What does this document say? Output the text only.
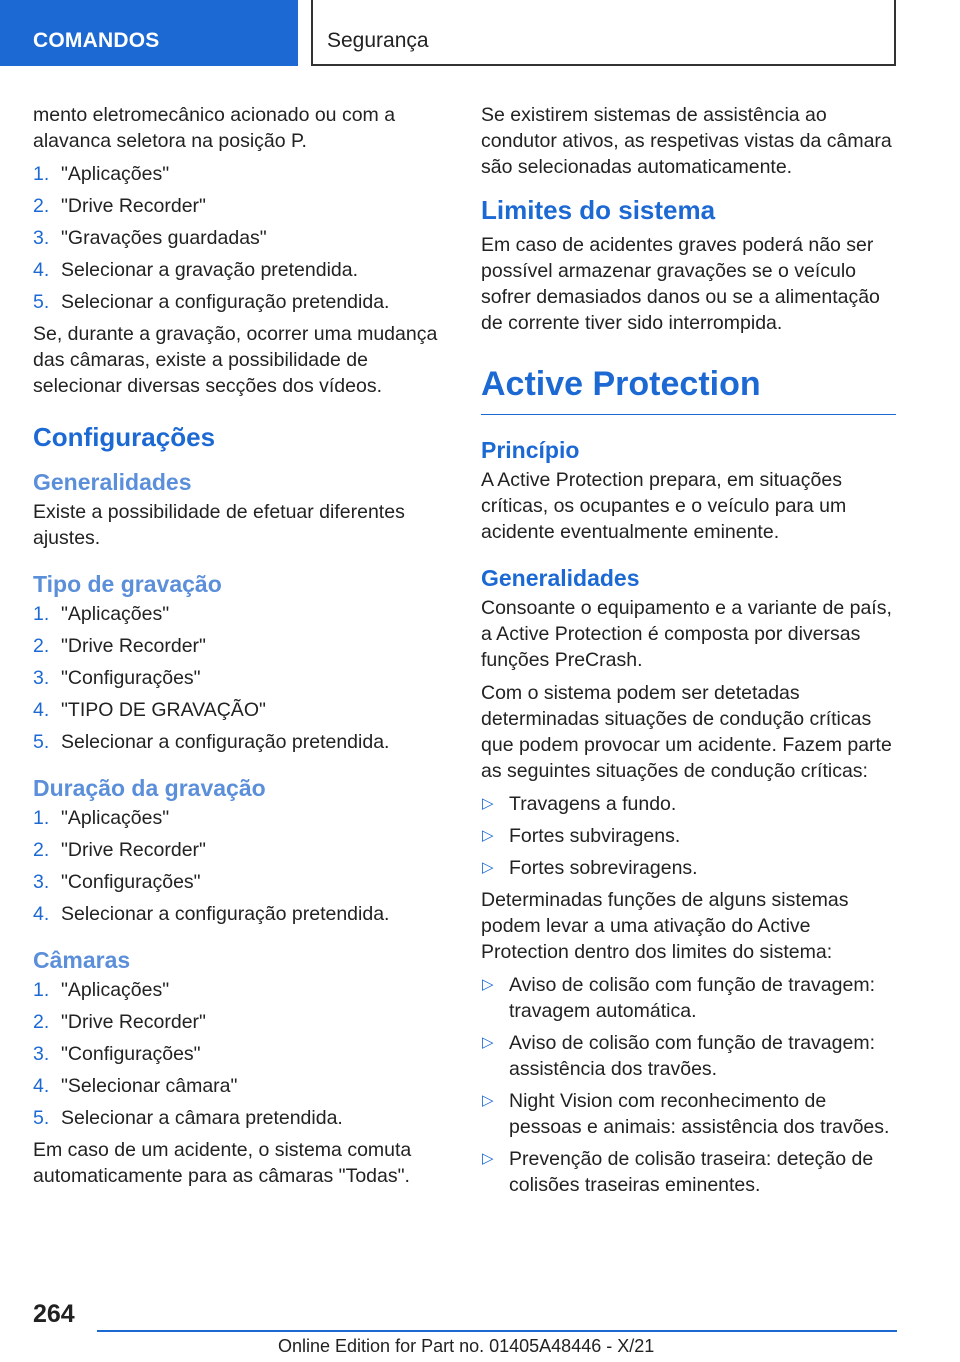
COMANDOS	Segurança

mento eletromecânico acionado ou com a alavanca seletora na posição P.

1. "Aplicações"
2. "Drive Recorder"
3. "Gravações guardadas"
4. Selecionar a gravação pretendida.
5. Selecionar a configuração pretendida.

Se, durante a gravação, ocorrer uma mudança das câmaras, existe a possibilidade de selecionar diversas secções dos vídeos.

Configurações
Generalidades

Existe a possibilidade de efetuar diferentes ajustes.

Tipo de gravação
1. "Aplicações"
2. "Drive Recorder"
3. "Configurações"
4. "TIPO DE GRAVAÇÃO"
5. Selecionar a configuração pretendida.
Duração da gravação
1. "Aplicações"
2. "Drive Recorder"
3. "Configurações"
4. Selecionar a configuração pretendida.
Câmaras
1. "Aplicações"
2. "Drive Recorder"
3. "Configurações"
4. "Selecionar câmara"
5. Selecionar a câmara pretendida.

Em caso de um acidente, o sistema comuta automaticamente para as câmaras "Todas".

Se existirem sistemas de assistência ao condutor ativos, as respetivas vistas da câmara são selecionadas automaticamente.

Limites do sistema

Em caso de acidentes graves poderá não ser possível armazenar gravações se o veículo sofrer demasiados danos ou se a alimentação de corrente tiver sido interrompida.

Active Protection
Princípio

A Active Protection prepara, em situações críticas, os ocupantes e o veículo para um acidente eventualmente eminente.

Generalidades

Consoante o equipamento e a variante de país, a Active Protection é composta por diversas funções PreCrash.

Com o sistema podem ser detetadas determinadas situações de condução críticas que podem provocar um acidente. Fazem parte as seguintes situações de condução críticas:

▷ Travagens a fundo.
▷ Fortes subviragens.
▷ Fortes sobreviragens.

Determinadas funções de alguns sistemas podem levar a uma ativação do Active Protection dentro dos limites do sistema:

▷ Aviso de colisão com função de travagem: travagem automática.
▷ Aviso de colisão com função de travagem: assistência dos travões.
▷ Night Vision com reconhecimento de pessoas e animais: assistência dos travões.
▷ Prevenção de colisão traseira: deteção de colisões traseiras eminentes.
264
Online Edition for Part no. 01405A48446 - X/21
